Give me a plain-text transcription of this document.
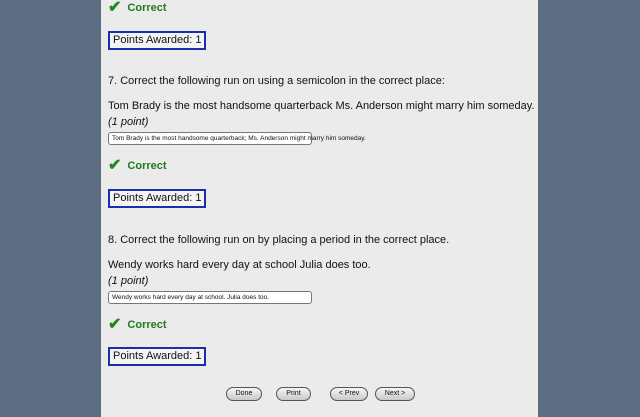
✔ Correct
Points Awarded: 1
7. Correct the following run on using a semicolon in the correct place:
Tom Brady is the most handsome quarterback Ms. Anderson might marry him someday.
(1 point)
Tom Brady is the most handsome quarterback; Ms. Anderson might marry him someday.
✔ Correct
Points Awarded: 1
8. Correct the following run on by placing a period in the correct place.
Wendy works hard every day at school Julia does too.
(1 point)
Wendy works hard every day at school. Julia does too.
✔ Correct
Points Awarded: 1
Done	Print	< Prev	Next >
